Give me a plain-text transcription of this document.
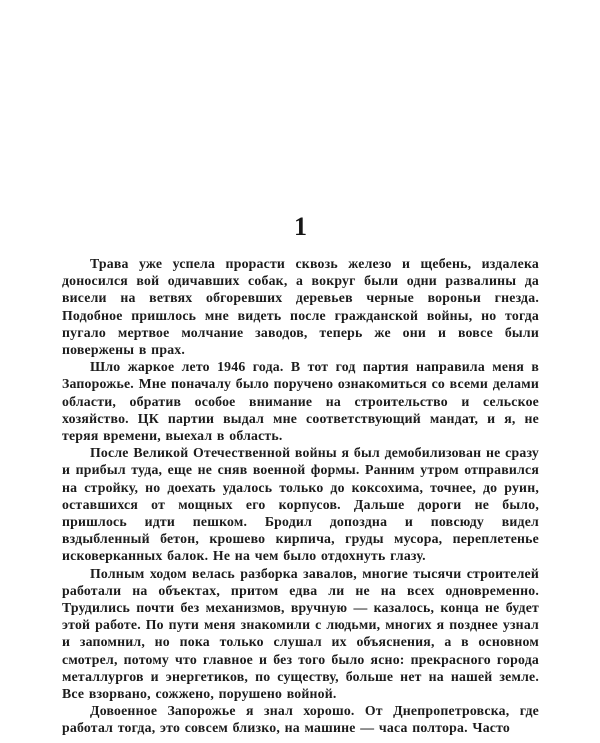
1

Трава уже успела прорасти сквозь железо и щебень, издалека доносился вой одичавших собак, а вокруг были одни развалины да висели на ветвях обгоревших деревьев черные вороньи гнезда. Подобное пришлось мне видеть после гражданской войны, но тогда пугало мертвое молчание заводов, теперь же они и вовсе были повержены в прах.

Шло жаркое лето 1946 года. В тот год партия направила меня в Запорожье. Мне поначалу было поручено ознакомиться со всеми делами области, обратив особое внимание на строительство и сельское хозяйство. ЦК партии выдал мне соответствующий мандат, и я, не теряя времени, выехал в область.

После Великой Отечественной войны я был демобилизован не сразу и прибыл туда, еще не сняв военной формы. Ранним утром отправился на стройку, но доехать удалось только до коксохима, точнее, до руин, оставшихся от мощных его корпусов. Дальше дороги не было, пришлось идти пешком. Бродил допоздна и повсюду видел вздыбленный бетон, крошево кирпича, груды мусора, переплетенье исковерканных балок. Не на чем было отдохнуть глазу.

Полным ходом велась разборка завалов, многие тысячи строителей работали на объектах, притом едва ли не на всех одновременно. Трудились почти без механизмов, вручную — казалось, конца не будет этой работе. По пути меня знакомили с людьми, многих я позднее узнал и запомнил, но пока только слушал их объяснения, а в основном смотрел, потому что главное и без того было ясно: прекрасного города металлургов и энергетиков, по существу, больше нет на нашей земле. Все взорвано, сожжено, порушено войной.

Довоенное Запорожье я знал хорошо. От Днепропетровска, где работал тогда, это совсем близко, на машине — часа полтора. Часто
